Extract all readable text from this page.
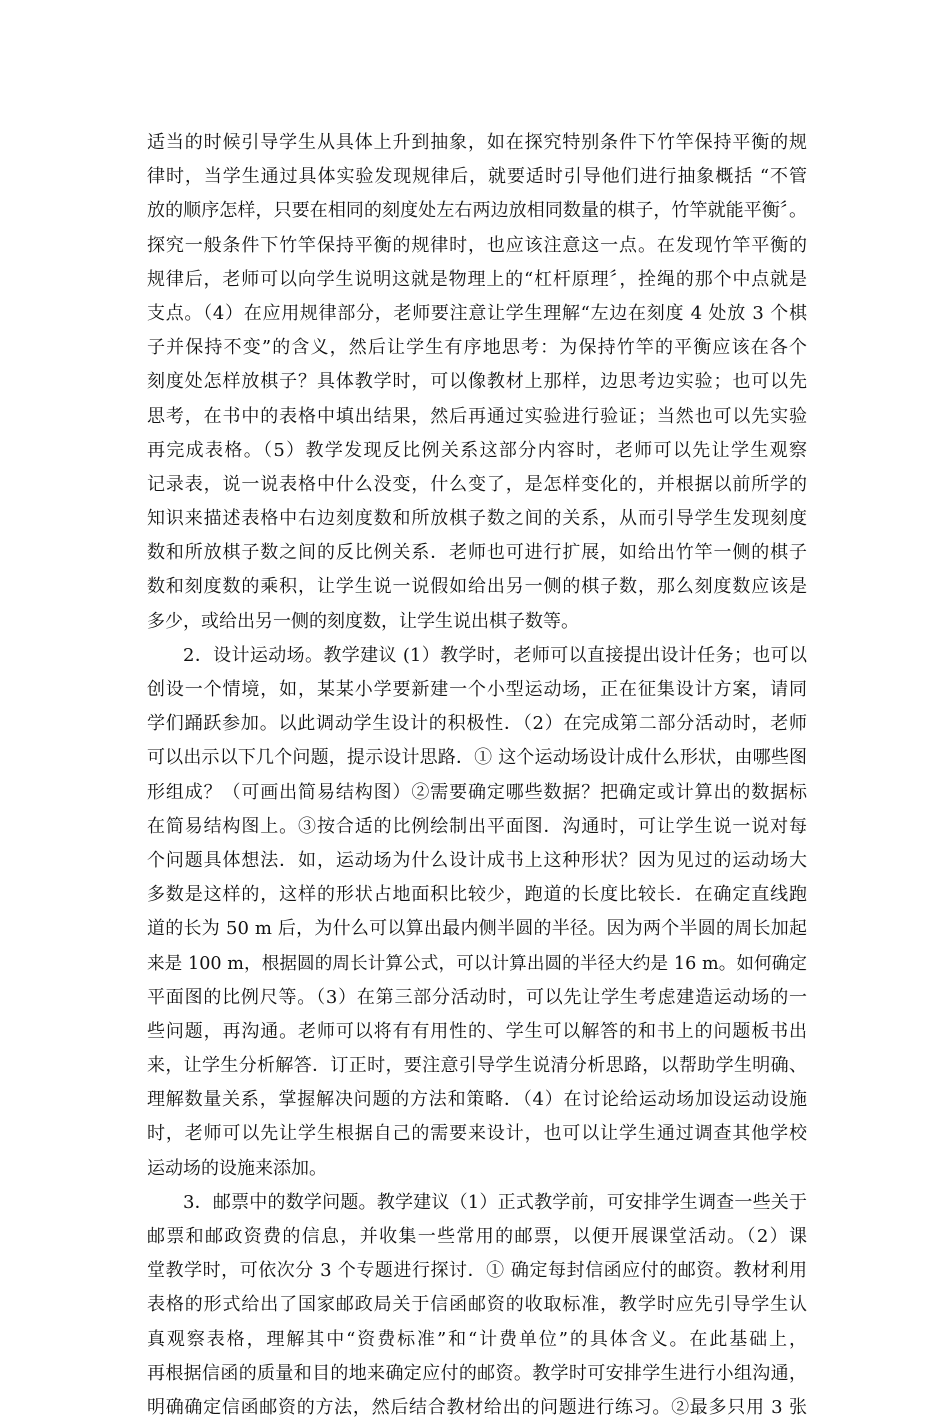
适当的时候引导学生从具体上升到抽象，如在探究特别条件下竹竿保持平衡的规
律时，当学生通过具体实验发现规律后，就要适时引导他们进行抽象概括 “不管
放的顺序怎样，只要在相同的刻度处左右两边放相同数量的棋子，竹竿就能平衡〞。
探究一般条件下竹竿保持平衡的规律时，也应该注意这一点。在发现竹竿平衡的
规律后，老师可以向学生说明这就是物理上的“杠杆原理〞，拴绳的那个中点就是
支点。（4）在应用规律部分，老师要注意让学生理解“左边在刻度 4 处放 3 个棋
子并保持不变”的含义，然后让学生有序地思考：为保持竹竿的平衡应该在各个
刻度处怎样放棋子？具体教学时，可以像教材上那样，边思考边实验；也可以先
思考，在书中的表格中填出结果，然后再通过实验进行验证；当然也可以先实验
再完成表格。（5）教学发现反比例关系这部分内容时，老师可以先让学生观察
记录表，说一说表格中什么没变，什么变了，是怎样变化的，并根据以前所学的
知识来描述表格中右边刻度数和所放棋子数之间的关系，从而引导学生发现刻度
数和所放棋子数之间的反比例关系．老师也可进行扩展，如给出竹竿一侧的棋子
数和刻度数的乘积，让学生说一说假如给出另一侧的棋子数，那么刻度数应该是
多少，或给出另一侧的刻度数，让学生说出棋子数等。
2．设计运动场。教学建议 (1）教学时，老师可以直接提出设计任务；也可以
创设一个情境，如，某某小学要新建一个小型运动场，正在征集设计方案，请同
学们踊跃参加。以此调动学生设计的积极性．（2）在完成第二部分活动时，老师
可以出示以下几个问题，提示设计思路．① 这个运动场设计成什么形状，由哪些图
形组成？（可画出简易结构图）②需要确定哪些数据？把确定或计算出的数据标
在简易结构图上。③按合适的比例绘制出平面图．沟通时，可让学生说一说对每
个问题具体想法．如，运动场为什么设计成书上这种形状？因为见过的运动场大
多数是这样的，这样的形状占地面积比较少，跑道的长度比较长．在确定直线跑
道的长为 50 m 后，为什么可以算出最内侧半圆的半径。因为两个半圆的周长加起
来是 100 m，根据圆的周长计算公式，可以计算出圆的半径大约是 16 m。如何确定
平面图的比例尺等。（3）在第三部分活动时，可以先让学生考虑建造运动场的一
些问题，再沟通。老师可以将有有用性的、学生可以解答的和书上的问题板书出
来，让学生分析解答．订正时，要注意引导学生说清分析思路，以帮助学生明确、
理解数量关系，掌握解决问题的方法和策略．（4）在讨论给运动场加设运动设施
时，老师可以先让学生根据自己的需要来设计，也可以让学生通过调查其他学校
运动场的设施来添加。
3．邮票中的数学问题。教学建议（1）正式教学前，可安排学生调查一些关于
邮票和邮政资费的信息，并收集一些常用的邮票，以便开展课堂活动。（2）课
堂教学时，可依次分 3 个专题进行探讨．① 确定每封信函应付的邮资。教材利用
表格的形式给出了国家邮政局关于信函邮资的收取标准，教学时应先引导学生认
真观察表格，理解其中“资费标准”和“计费单位”的具体含义。在此基础上，
再根据信函的质量和目的地来确定应付的邮资。教学时可安排学生进行小组沟通，
明确确定信函邮资的方法，然后结合教材给出的问题进行练习。②最多只用 3 张
